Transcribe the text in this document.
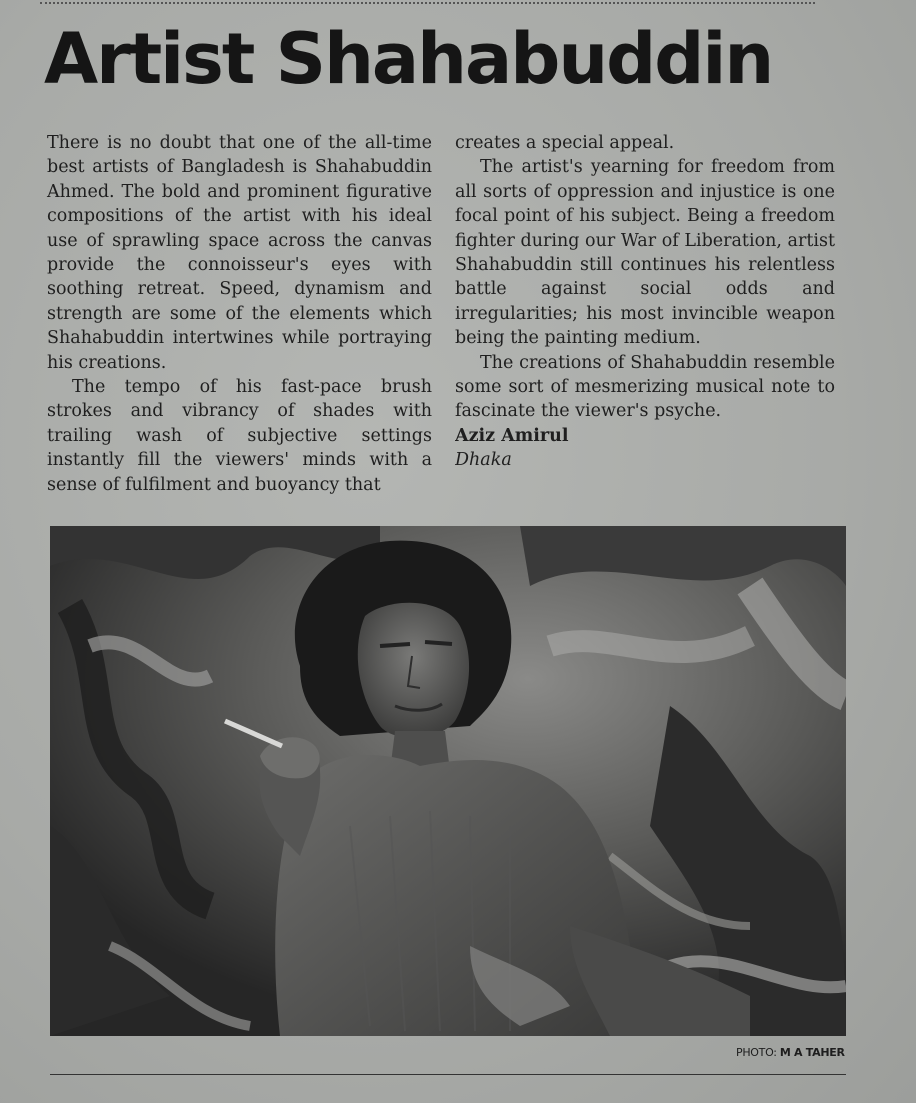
Artist Shahabuddin

There is no doubt that one of the all-time best artists of Bangladesh is Shahabuddin Ahmed. The bold and prominent figurative compositions of the artist with his ideal use of sprawling space across the canvas provide the connoisseur's eyes with soothing retreat. Speed, dynamism and strength are some of the elements which Shahabuddin intertwines while portraying his creations.

The tempo of his fast-pace brush strokes and vibrancy of shades with trailing wash of subjective settings instantly fill the viewers' minds with a sense of fulfilment and buoyancy that

creates a special appeal.

The artist's yearning for freedom from all sorts of oppression and injustice is one focal point of his subject. Being a freedom fighter during our War of Liberation, artist Shahabuddin still continues his relentless battle against social odds and irregularities; his most invincible weapon being the painting medium.

The creations of Shahabuddin resemble some sort of mesmerizing musical note to fascinate the viewer's psyche.

Aziz Amirul

Dhaka

PHOTO: M A TAHER
